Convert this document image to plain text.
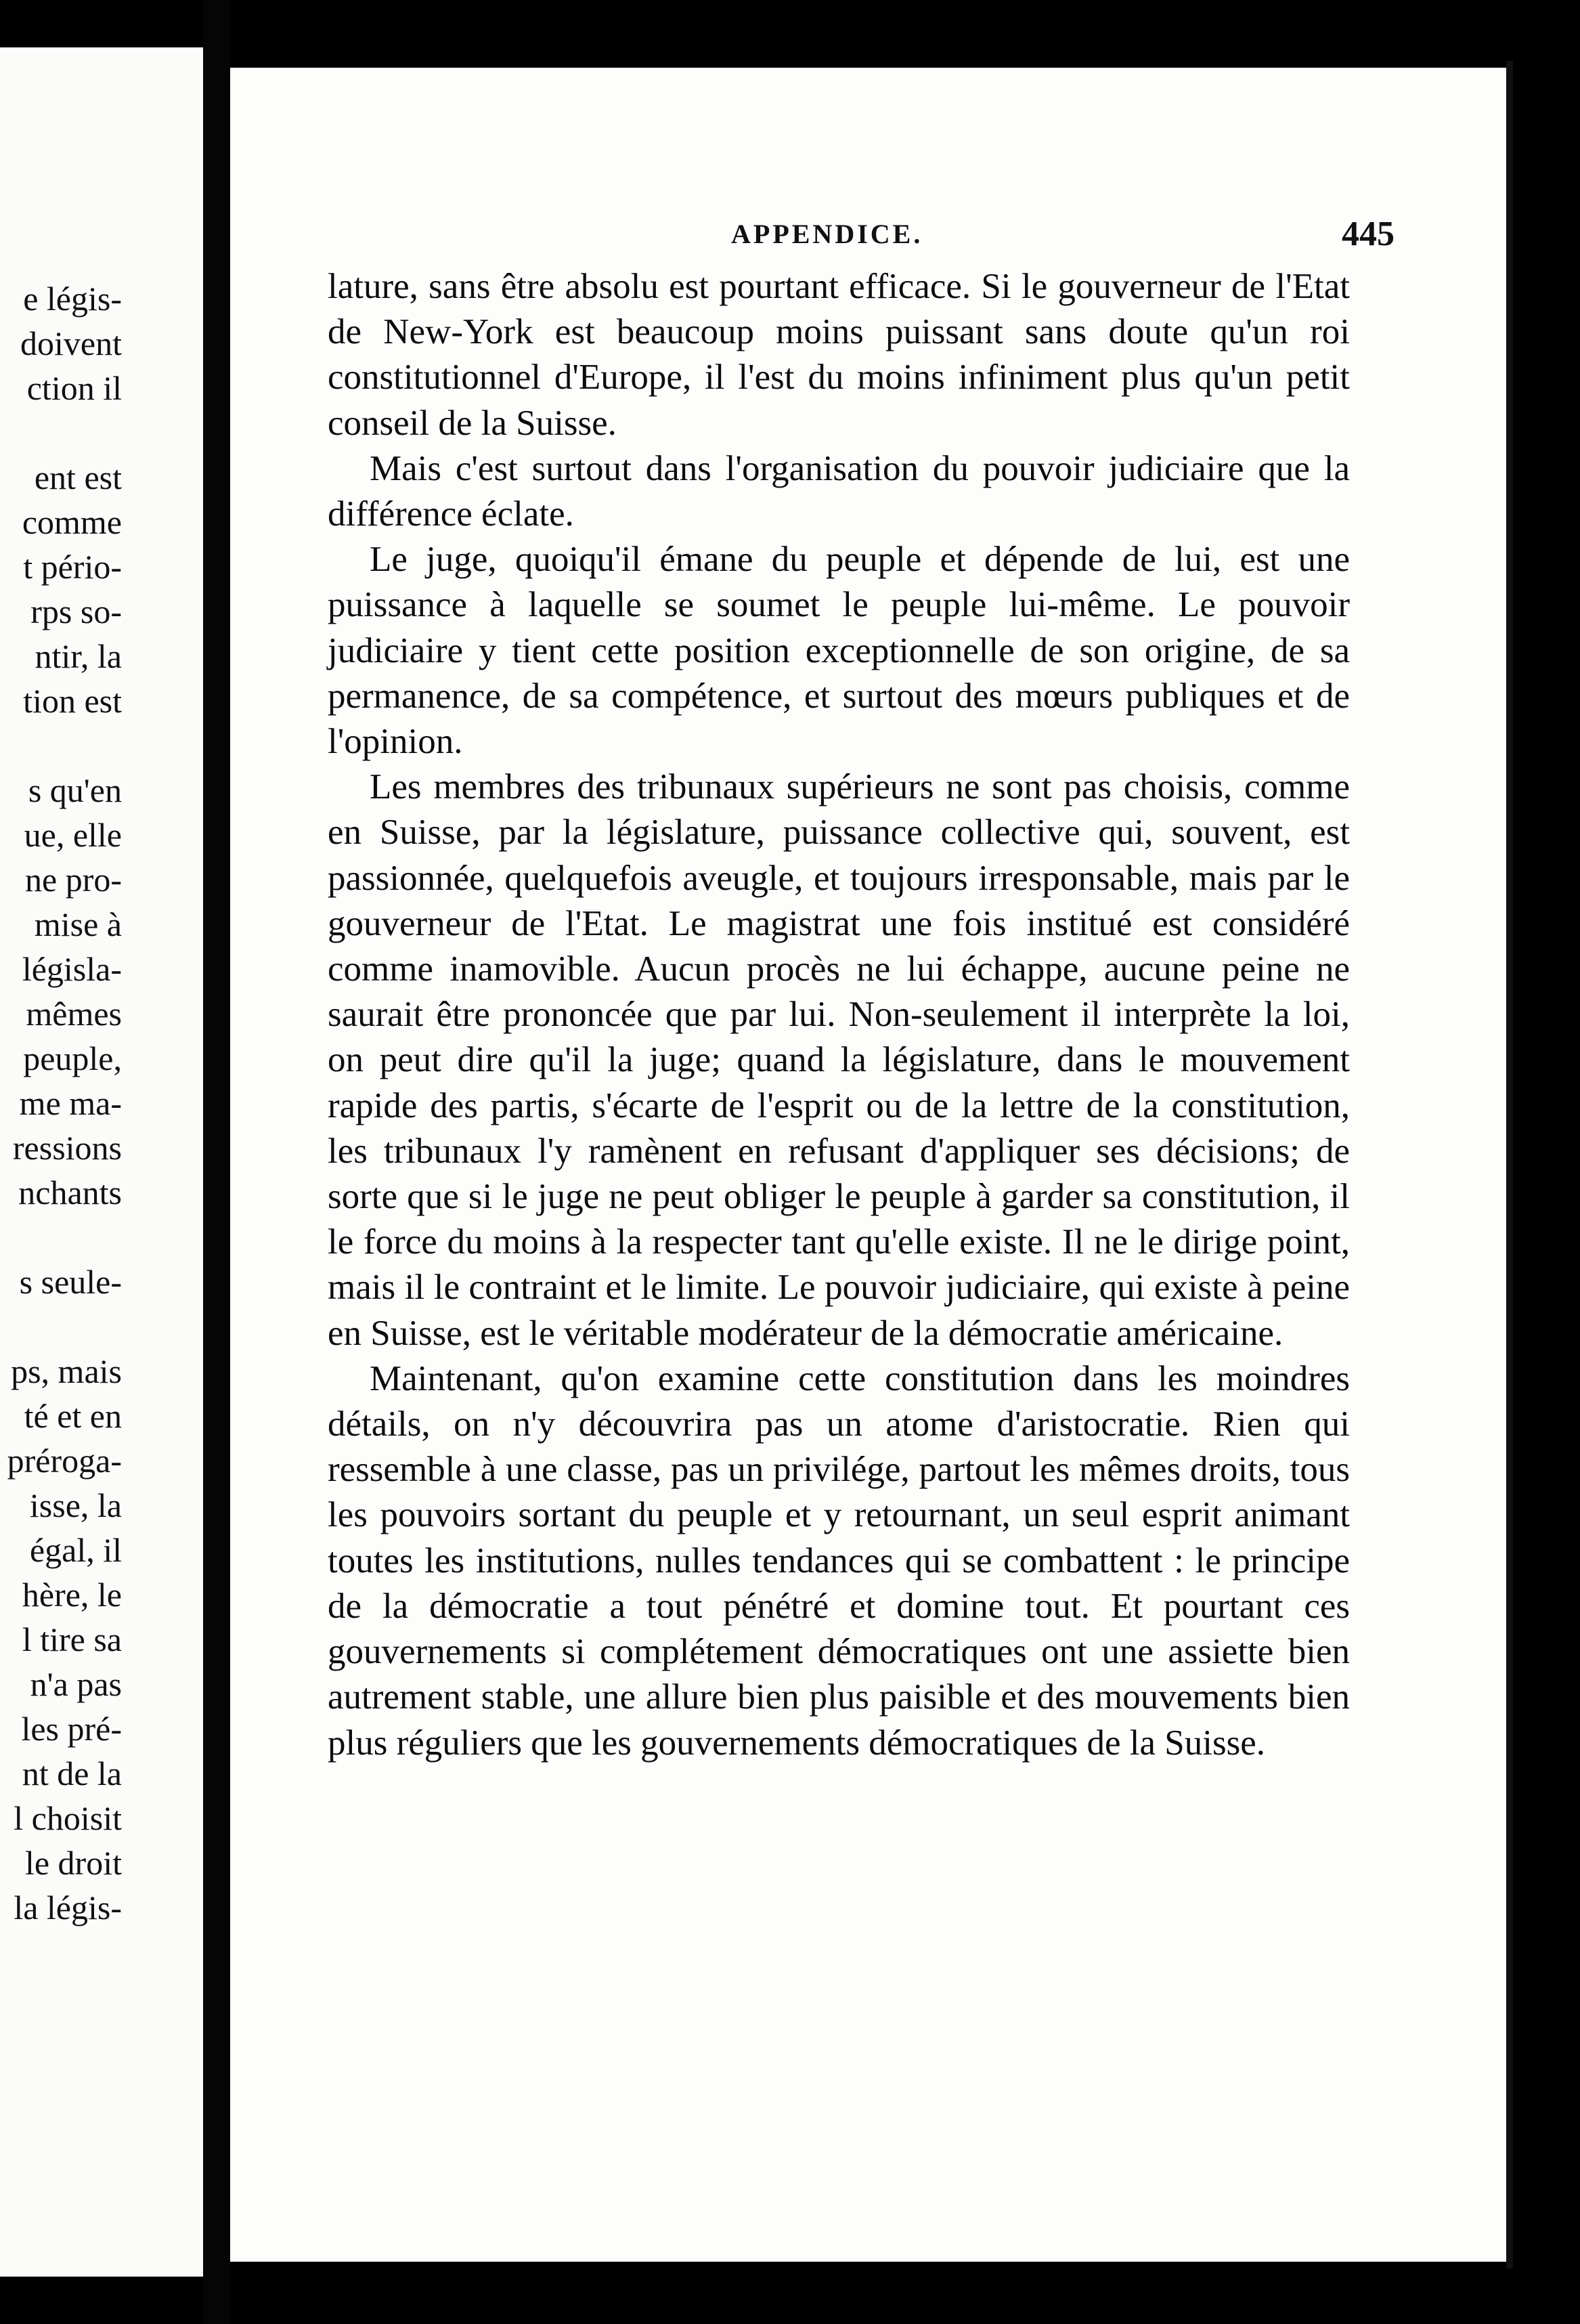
e légis-
doivent
ction il
ent est
comme
t pério-
rps so-
ntir, la
tion est
s qu'en
ue, elle
ne pro-
mise à
législa-
mêmes
peuple,
me ma-
ressions
nchants
s seule-
ps, mais
té et en
prérogа-
isse, la
égal, il
hère, le
l tire sa
n'a pas
les pré-
nt de la
l choisit
le droit
la légis-
APPENDICE.	445

lature, sans être absolu est pourtant efficace. Si le gouverneur de l'Etat de New-York est beaucoup moins puissant sans doute qu'un roi constitutionnel d'Europe, il l'est du moins infiniment plus qu'un petit conseil de la Suisse.

Mais c'est surtout dans l'organisation du pouvoir judiciaire que la différence éclate.

Le juge, quoiqu'il émane du peuple et dépende de lui, est une puissance à laquelle se soumet le peuple lui-même. Le pouvoir judiciaire y tient cette position exceptionnelle de son origine, de sa permanence, de sa compétence, et surtout des mœurs publiques et de l'opinion.

Les membres des tribunaux supérieurs ne sont pas choisis, comme en Suisse, par la législature, puissance collective qui, souvent, est passionnée, quelquefois aveugle, et toujours irresponsable, mais par le gouverneur de l'Etat. Le magistrat une fois institué est considéré comme inamovible. Aucun procès ne lui échappe, aucune peine ne saurait être prononcée que par lui. Non-seulement il interprète la loi, on peut dire qu'il la juge; quand la législature, dans le mouvement rapide des partis, s'écarte de l'esprit ou de la lettre de la constitution, les tribunaux l'y ramènent en refusant d'appliquer ses décisions; de sorte que si le juge ne peut obliger le peuple à garder sa constitution, il le force du moins à la respecter tant qu'elle existe. Il ne le dirige point, mais il le contraint et le limite. Le pouvoir judiciaire, qui existe à peine en Suisse, est le véritable modérateur de la démocratie américaine.

Maintenant, qu'on examine cette constitution dans les moindres détails, on n'y découvrira pas un atome d'aristocratie. Rien qui ressemble à une classe, pas un privilége, partout les mêmes droits, tous les pouvoirs sortant du peuple et y retournant, un seul esprit animant toutes les institutions, nulles tendances qui se combattent : le principe de la démocratie a tout pénétré et domine tout. Et pourtant ces gouvernements si complétement démocratiques ont une assiette bien autrement stable, une allure bien plus paisible et des mouvements bien plus réguliers que les gouvernements démocratiques de la Suisse.
